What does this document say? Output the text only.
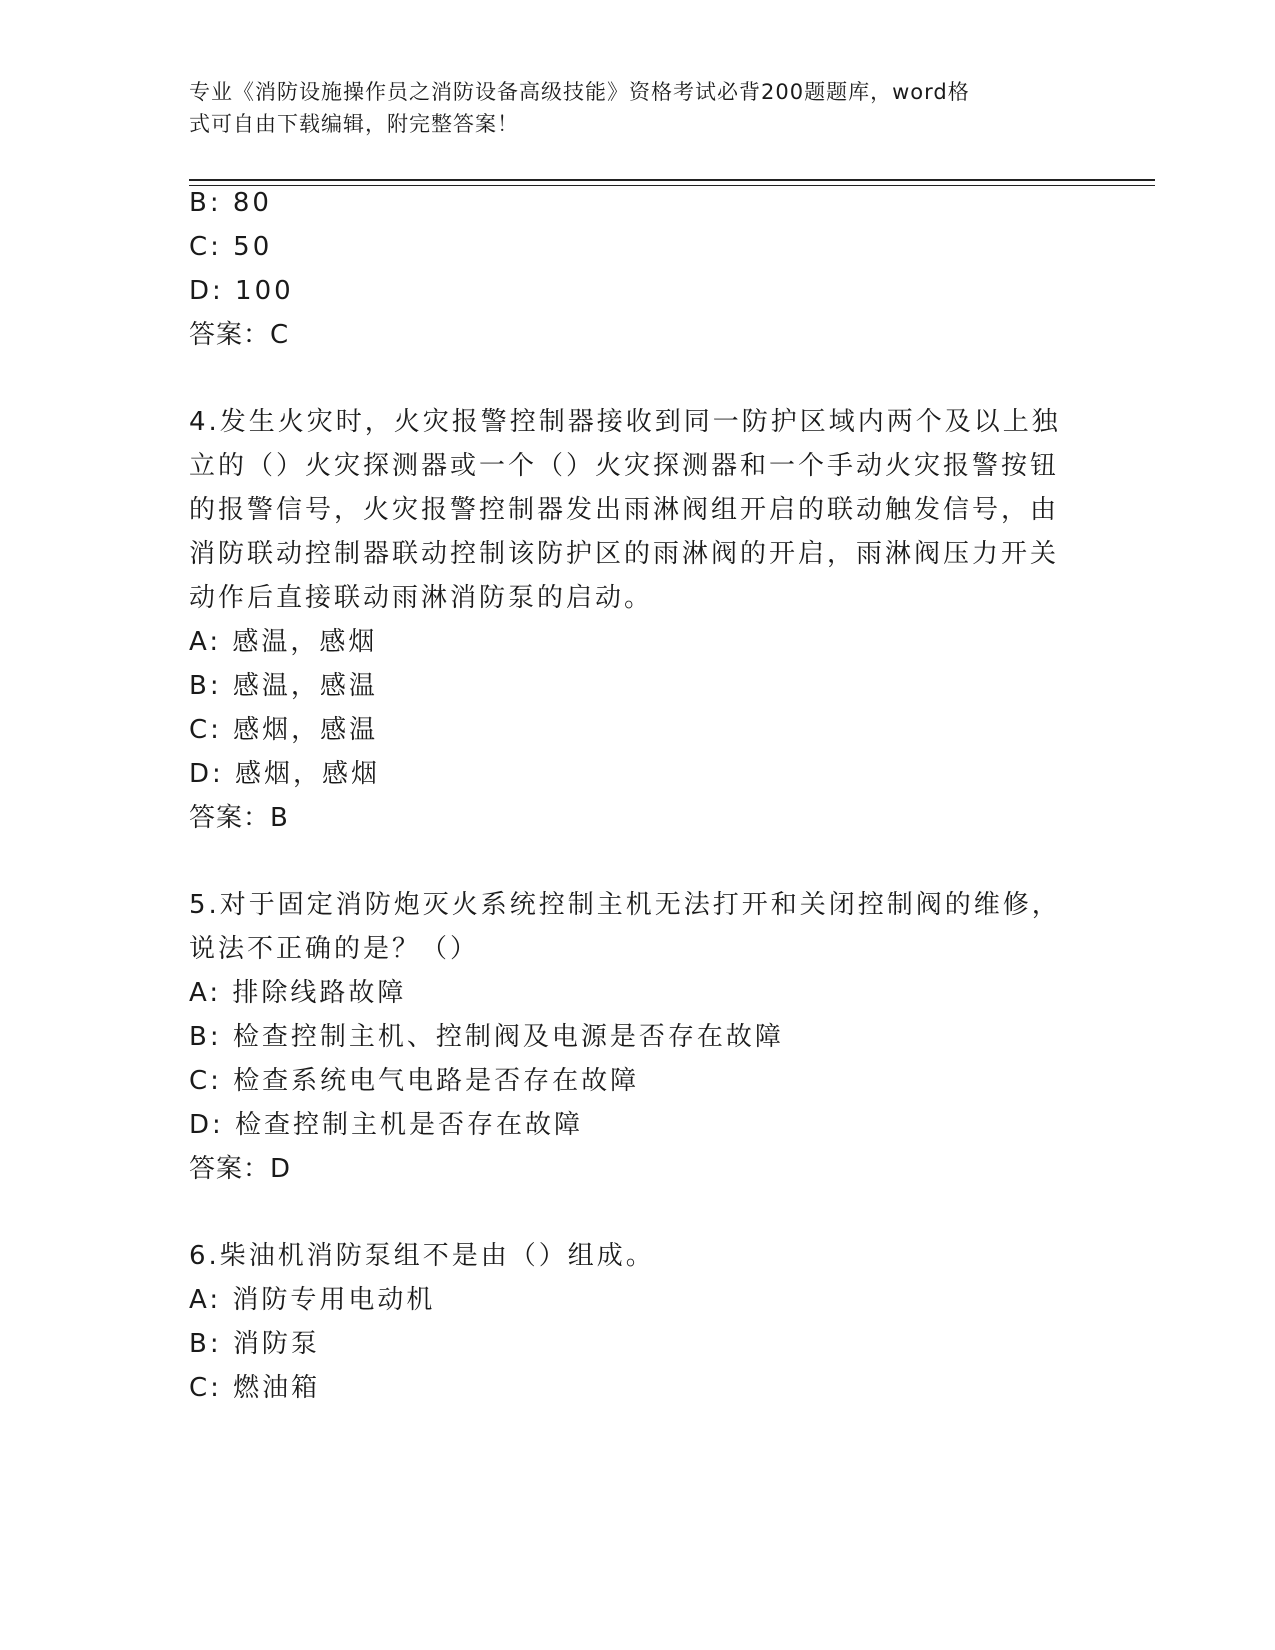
专业《消防设施操作员之消防设备高级技能》资格考试必背200题题库，word格
式可自由下载编辑，附完整答案！
B: 80
C: 50
D: 100
答案：C
4.发生火灾时，火灾报警控制器接收到同一防护区域内两个及以上独
立的（）火灾探测器或一个（）火灾探测器和一个手动火灾报警按钮
的报警信号，火灾报警控制器发出雨淋阀组开启的联动触发信号，由
消防联动控制器联动控制该防护区的雨淋阀的开启，雨淋阀压力开关
动作后直接联动雨淋消防泵的启动。
A: 感温，感烟
B: 感温，感温
C: 感烟，感温
D: 感烟，感烟
答案：B
5.对于固定消防炮灭火系统控制主机无法打开和关闭控制阀的维修，
说法不正确的是？（）
A: 排除线路故障
B: 检查控制主机、控制阀及电源是否存在故障
C: 检查系统电气电路是否存在故障
D: 检查控制主机是否存在故障
答案：D
6.柴油机消防泵组不是由（）组成。
A: 消防专用电动机
B: 消防泵
C: 燃油箱
